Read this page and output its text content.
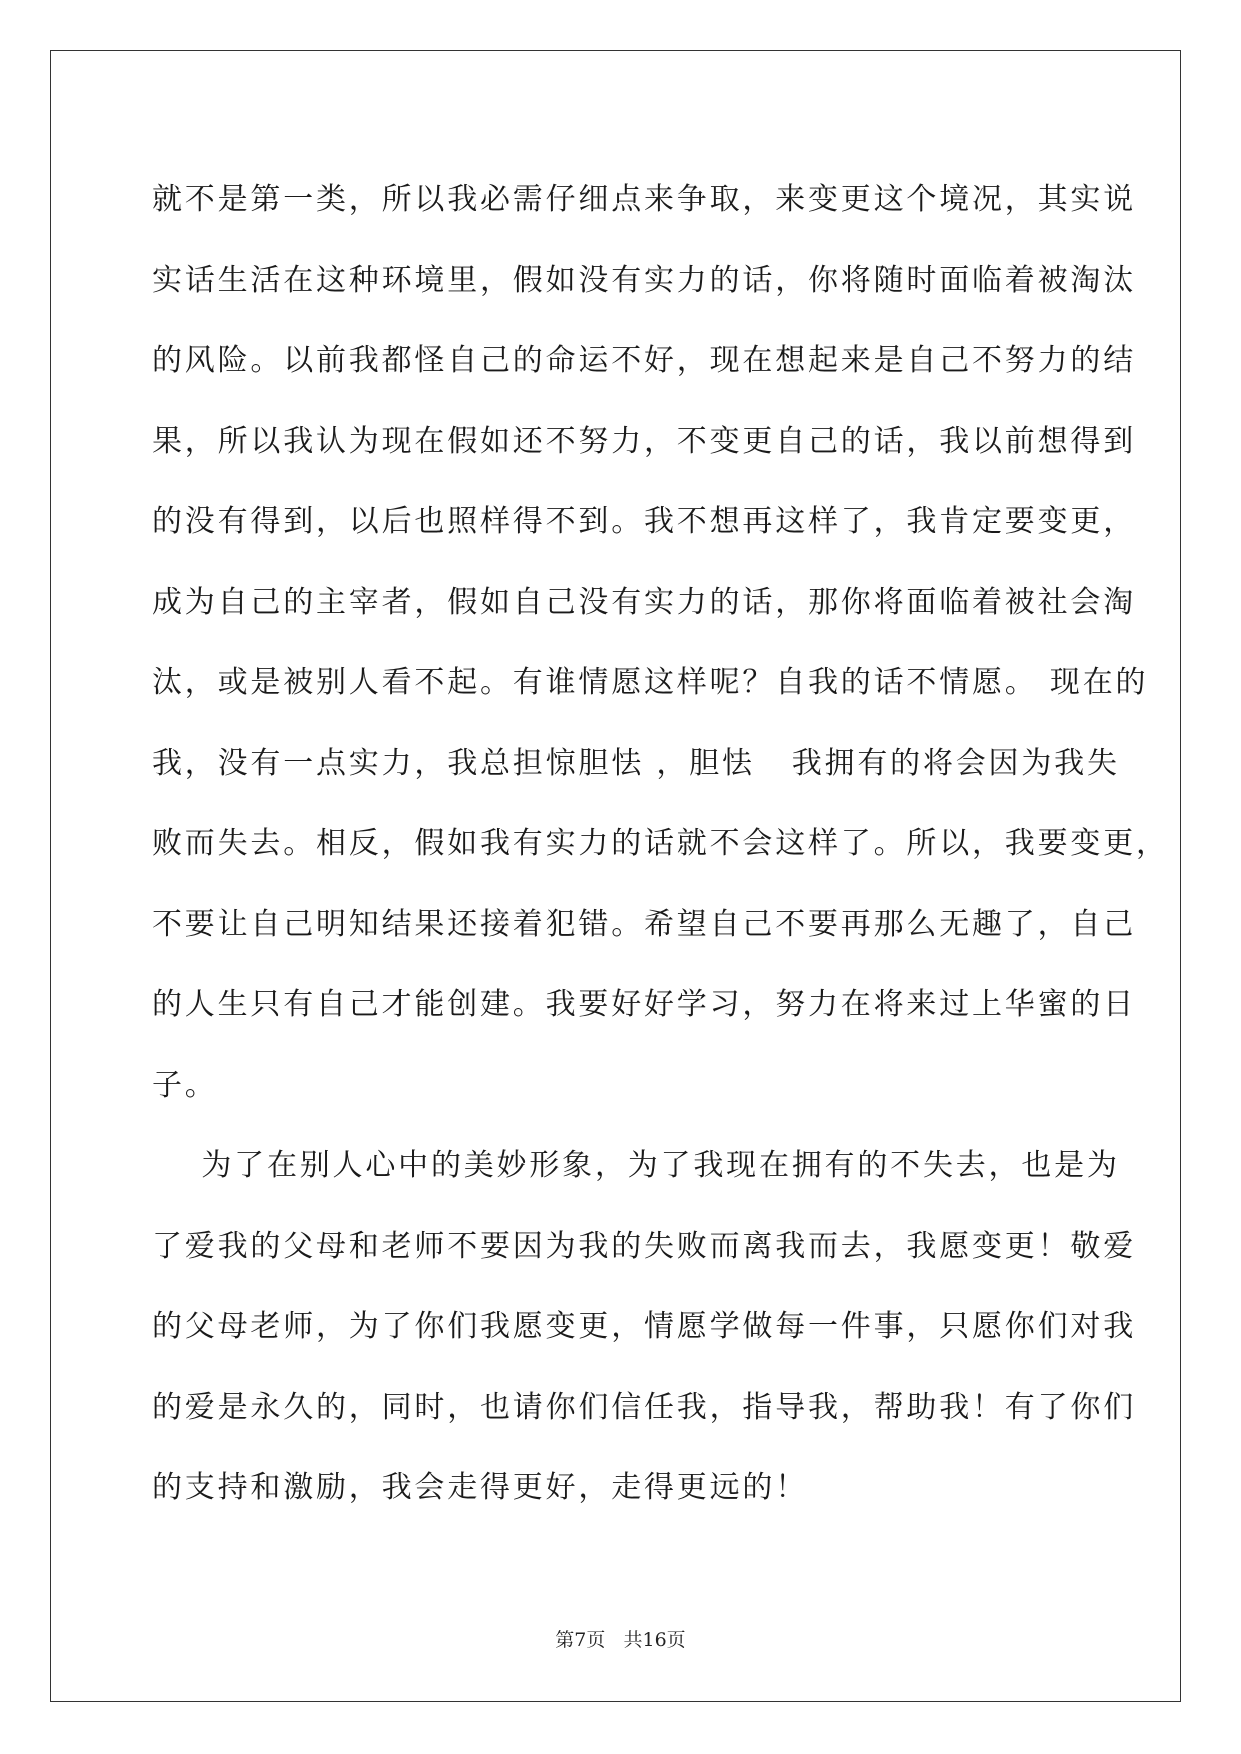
就不是第一类，所以我必需仔细点来争取，来变更这个境况，其实说
实话生活在这种环境里，假如没有实力的话，你将随时面临着被淘汰
的风险。以前我都怪自己的命运不好，现在想起来是自己不努力的结
果，所以我认为现在假如还不努力，不变更自己的话，我以前想得到
的没有得到，以后也照样得不到。我不想再这样了，我肯定要变更，
成为自己的主宰者，假如自己没有实力的话，那你将面临着被社会淘
汰，或是被别人看不起。有谁情愿这样呢？自我的话不情愿。 现在的
我，没有一点实力，我总担惊胆怯 ，胆怯   我拥有的将会因为我失
败而失去。相反，假如我有实力的话就不会这样了。所以，我要变更，
不要让自己明知结果还接着犯错。希望自己不要再那么无趣了，自己
的人生只有自己才能创建。我要好好学习，努力在将来过上华蜜的日
子。
为了在别人心中的美妙形象，为了我现在拥有的不失去，也是为
了爱我的父母和老师不要因为我的失败而离我而去，我愿变更！敬爱
的父母老师，为了你们我愿变更，情愿学做每一件事，只愿你们对我
的爱是永久的，同时，也请你们信任我，指导我，帮助我！有了你们
的支持和激励，我会走得更好，走得更远的！
第7页   共16页
